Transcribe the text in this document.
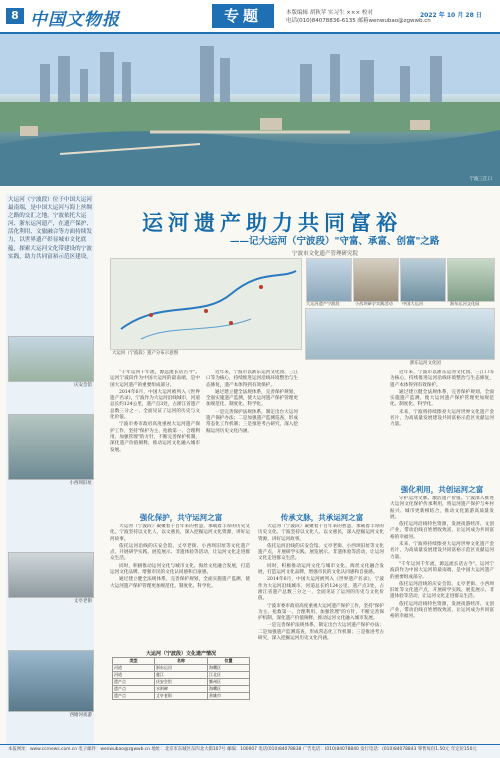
8 中国文物报	专题	本版编辑 胡秋苹 实习生 ××× 校对
电话(010)84078836-6135 邮箱wenwubao@zgwwb.cn
2022 年 10 月 28 日
宁波三江口
大运河（宁波段）位于中国大运河最南端，是中国大运河与海上丝绸之路的交汇之地。宁波依托大运河、浙东运河遗产，在遗产保护、活化利用、文旅融合等方面持续发力，以世界遗产彰显城市文化底蕴，探索大运河文化带建设的宁波实践，助力共同富裕示范区建设。
庆安会馆
小西坝旧址
丈亭老街
西塘河夜游
运河遗产助力共同富裕
——记大运河（宁波段）"守富、承富、创富"之路
宁波市文化遗产管理研究院
大运河遗产宁波段	小西坝研学实践活动 中国大运河	浙东运河文化园
大运河（宁波段）遗产分布示意图
浙东运河文化园

"千年运河千年流，源远流长话古今"。运河宁波段作为中国大运河的最南端，是中国大运河遗产的重要组成部分。

2014年6月，中国大运河被列入《世界遗产名录》，宁波作为大运河沿线城市，河道总长约124公里，遗产点3处，占浙江省遗产总数三分之一，全面见证了运河的历史与文化价值。

宁波市委市政府高度重视大运河遗产保护工作，坚持"保护为主、抢救第一、合理利用、加强管理"的方针，不断完善保护机制，深化遗产价值阐释，推动运河文化融入城市发展。

近年来，宁波市以浙东运河文化园、三江口等为核心，持续推进运河沿线环境整治与生态修复，遗产本体得到有效保护。

通过建立健全法规体系，完善保护规划，全面实施遗产监测，使大运河遗产保护管理更加规范化、制度化、科学化。

一是完善保护法规体系，制定出台大运河遗产保护办法；二是加强遗产监测巡查，形成常态化工作机制；三是推进考古研究，深入挖掘运河历史文化内涵。

强化保护，共守运河之富

大运河（宁波段）凝聚着千百年来的智慧，承载着丰厚的历史文化。宁波坚持以文化人、以文惠民，深入挖掘运河文化资源，讲好运河故事。

依托运河沿线的庆安会馆、丈亭老街、小西坝旧址等文化遗产点，开展研学实践、展览展示、非遗体验等活动，让运河文化走进群众生活。

同时，积极推动运河文化与城市文化、海丝文化融合发展，打造运河文化品牌，增强市民的文化认同感和自豪感。

通过建立健全法规体系，完善保护规划，全面实施遗产监测，使大运河遗产保护管理更加规范化、制度化、科学化。

传承文脉，共承运河之富

大运河（宁波段）凝聚着千百年来的智慧，承载着丰厚的历史文化。宁波坚持以文化人、以文惠民，深入挖掘运河文化资源，讲好运河故事。

依托运河沿线的庆安会馆、丈亭老街、小西坝旧址等文化遗产点，开展研学实践、展览展示、非遗体验等活动，让运河文化走进群众生活。

同时，积极推动运河文化与城市文化、海丝文化融合发展，打造运河文化品牌，增强市民的文化认同感和自豪感。

2014年6月，中国大运河被列入《世界遗产名录》，宁波作为大运河沿线城市，河道总长约124公里，遗产点3处，占浙江省遗产总数三分之一，全面见证了运河的历史与文化价值。

宁波市委市政府高度重视大运河遗产保护工作，坚持"保护为主、抢救第一、合理利用、加强管理"的方针，不断完善保护机制，深化遗产价值阐释，推动运河文化融入城市发展。

一是完善保护法规体系，制定出台大运河遗产保护办法；二是加强遗产监测巡查，形成常态化工作机制；三是推进考古研究，深入挖掘运河历史文化内涵。

近年来，宁波市以浙东运河文化园、三江口等为核心，持续推进运河沿线环境整治与生态修复，遗产本体得到有效保护。

通过建立健全法规体系，完善保护规划，全面实施遗产监测，使大运河遗产保护管理更加规范化、制度化、科学化。

未来，宁波将持续擦亮大运河世界文化遗产金名片，为高质量发展建设共同富裕示范区贡献运河力量。

强化利用，共创运河之富

守护运河文脉，激活遗产价值。宁波深入推进大运河文化保护传承利用，将运河遗产保护与乡村振兴、城市更新相结合，推动文化旅游高质量发展。

依托运河沿线特色资源，发展夜游经济、文创产业，带动沿线百姓增收致富，让运河成为共同富裕的幸福河。

未来，宁波将持续擦亮大运河世界文化遗产金名片，为高质量发展建设共同富裕示范区贡献运河力量。

"千年运河千年流，源远流长话古今"。运河宁波段作为中国大运河的最南端，是中国大运河遗产的重要组成部分。

依托运河沿线的庆安会馆、丈亭老街、小西坝旧址等文化遗产点，开展研学实践、展览展示、非遗体验等活动，让运河文化走进群众生活。

依托运河沿线特色资源，发展夜游经济、文创产业，带动沿线百姓增收致富，让运河成为共同富裕的幸福河。

大运河（宁波段）文化遗产情况
类型	名称	位置
河道	浙东运河	海曙区
河道	慈江	江北区
遗产点	庆安会馆	鄞州区
遗产点	水则碑	海曙区
遗产点	丈亭老街	余姚市
本报网址：www.ccrnews.com.cn 电子邮件：wenwubao@zgwwb.cn 地址：北京市东城区东四北大街107号 邮编：100007 电话(010)84078838 广告电话：(010)84078840 发行电话：(010)84078843 零售每份1.50元 年定价150元
